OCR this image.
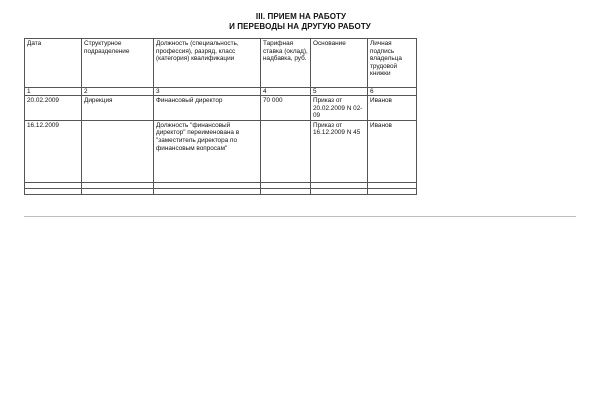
III. ПРИЕМ НА РАБОТУ
И ПЕРЕВОДЫ НА ДРУГУЮ РАБОТУ
Дата	Структурное подразделение	Должность (специальность, профессия), разряд, класс (категория) квалификации	Тарифная ставка (оклад), надбавка, руб.	Основание	Личная подпись владельца трудовой книжки
1	2	3	4	5	6
20.02.2009	Дирекция	Финансовый директор	70 000	Приказ от 20.02.2009 N 02-09	Иванов
16.12.2009		Должность "финансовый директор" переименована в "заместитель директора по финансовым вопросам"		Приказ от 16.12.2009 N 45	Иванов
